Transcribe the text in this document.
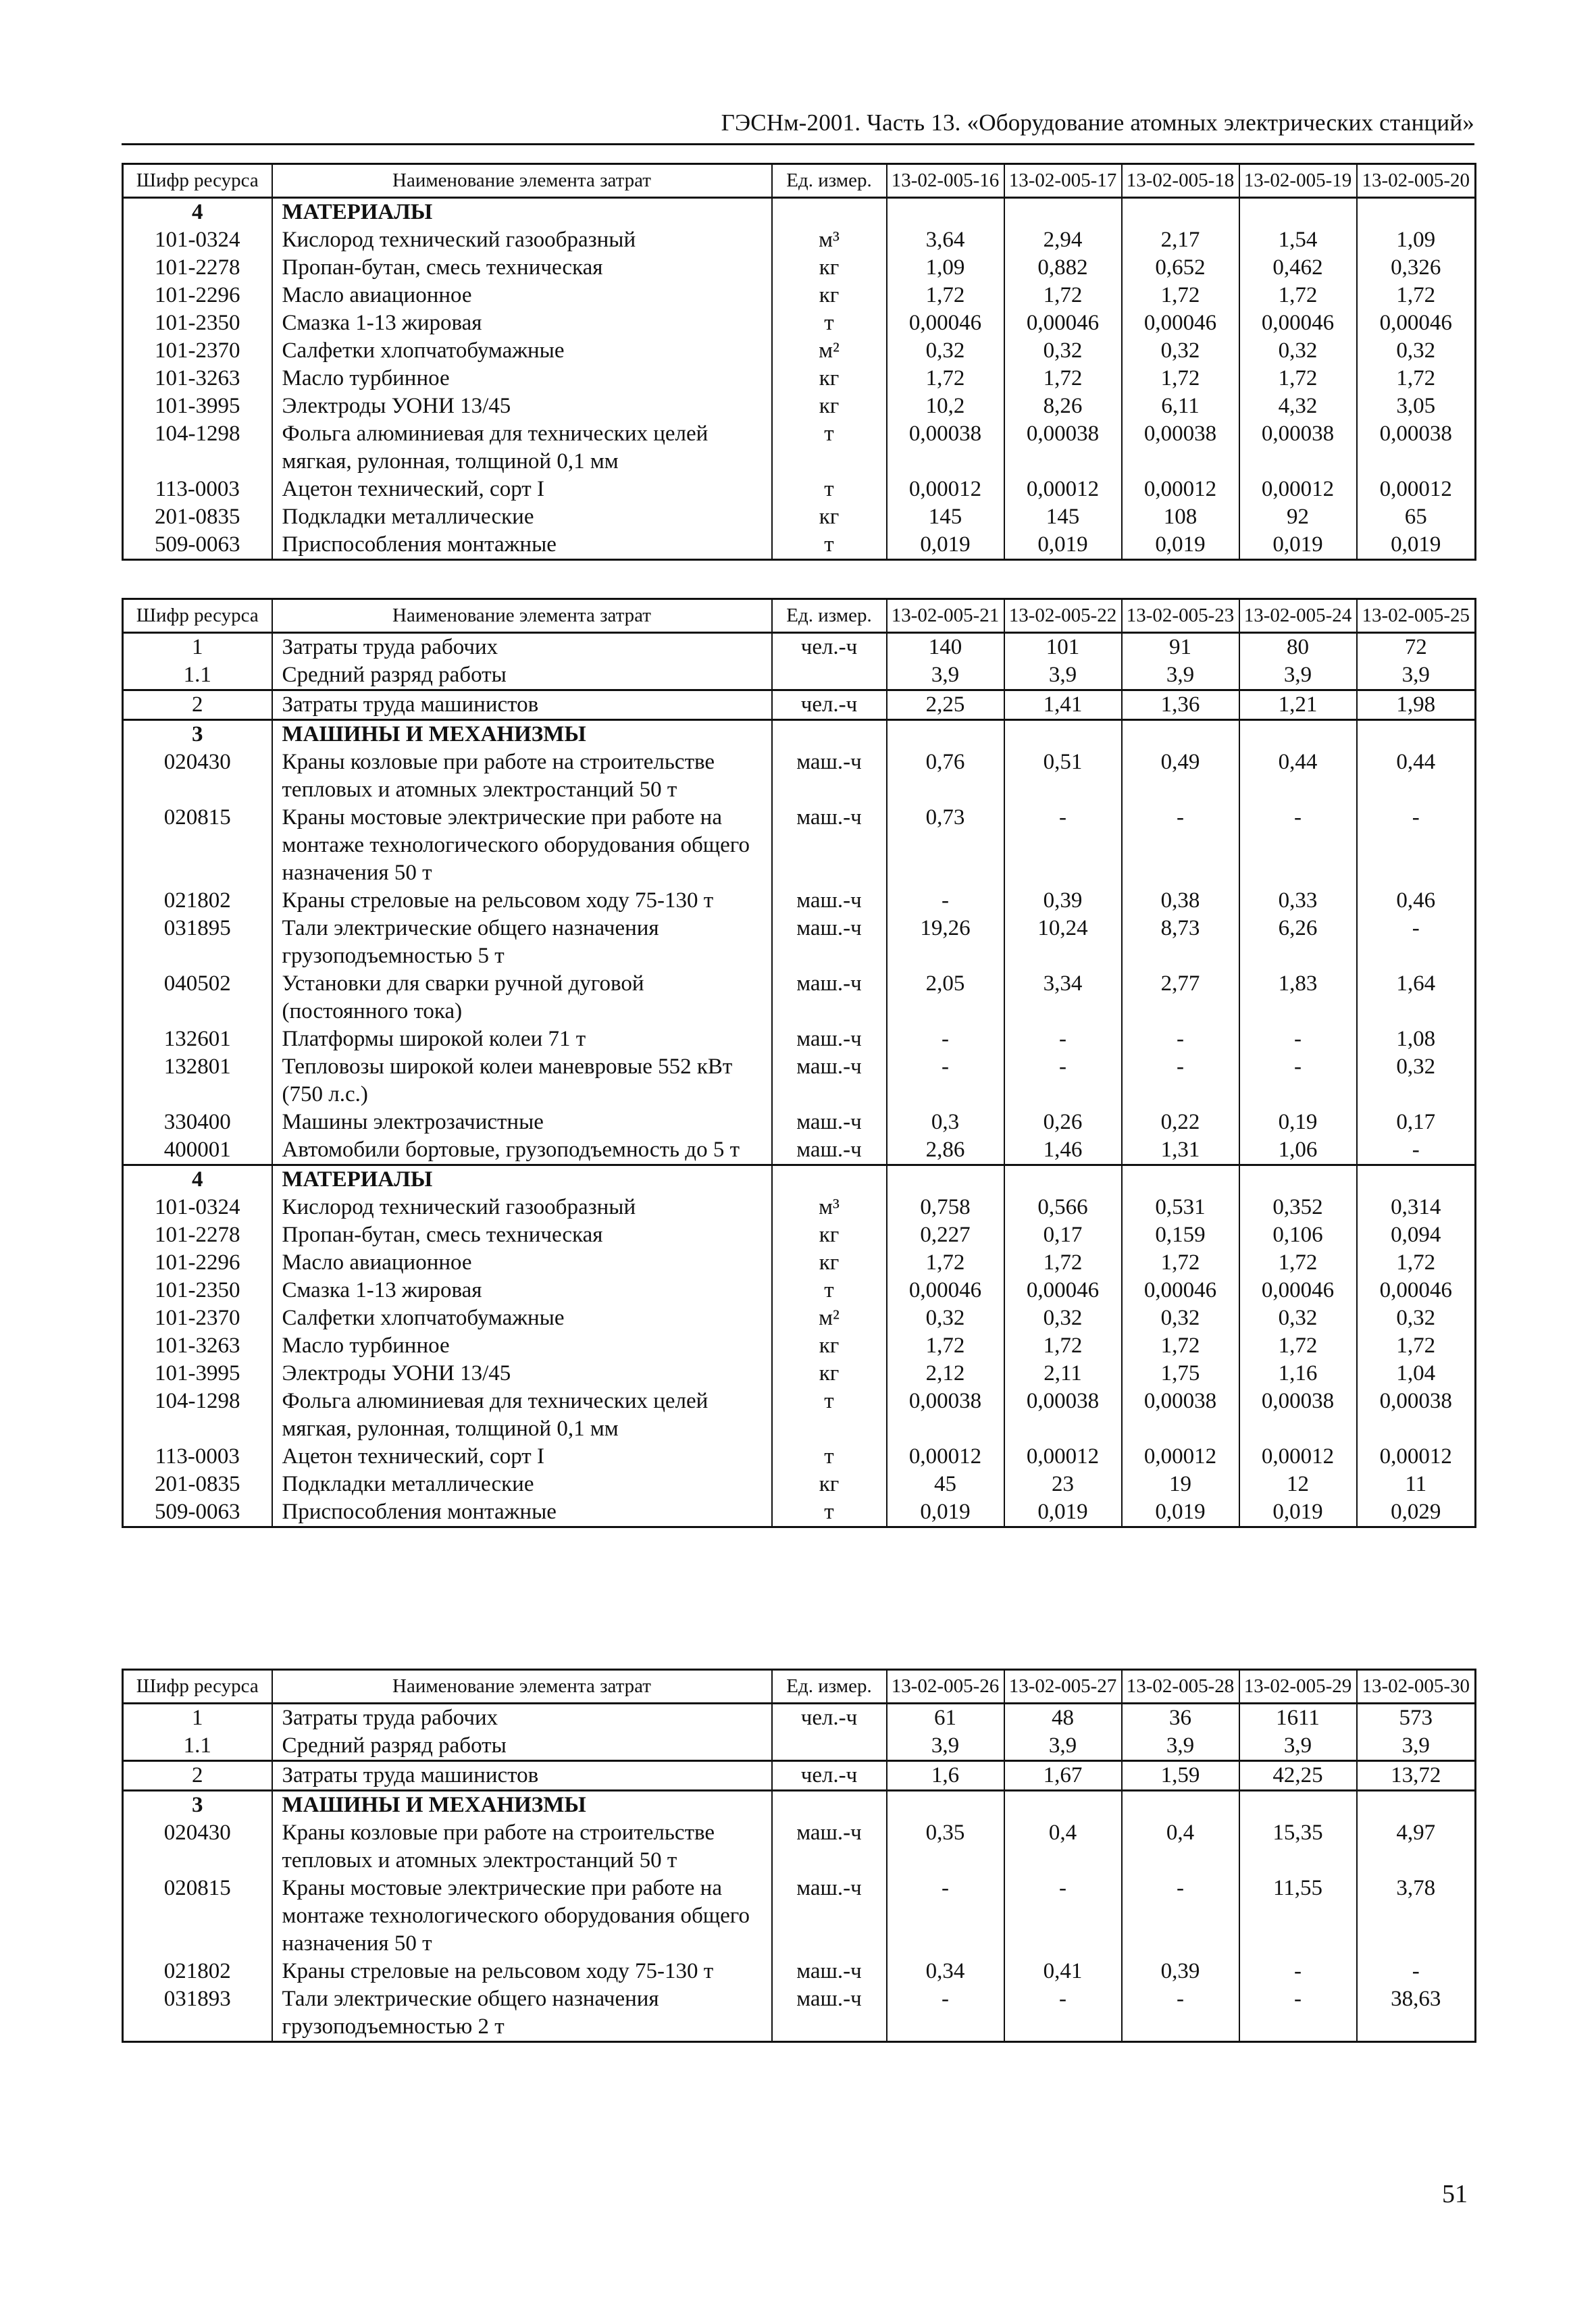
ГЭСНм-2001. Часть 13. «Оборудование атомных электрических станций»
Шифр ресурса	Наименование элемента затрат	Ед. измер.	13-02-005-16	13-02-005-17	13-02-005-18	13-02-005-19	13-02-005-20
4	МАТЕРИАЛЫ						
101-0324	Кислород технический газообразный	м³	3,64	2,94	2,17	1,54	1,09
101-2278	Пропан-бутан, смесь техническая	кг	1,09	0,882	0,652	0,462	0,326
101-2296	Масло авиационное	кг	1,72	1,72	1,72	1,72	1,72
101-2350	Смазка 1-13 жировая	т	0,00046	0,00046	0,00046	0,00046	0,00046
101-2370	Салфетки хлопчатобумажные	м²	0,32	0,32	0,32	0,32	0,32
101-3263	Масло турбинное	кг	1,72	1,72	1,72	1,72	1,72
101-3995	Электроды УОНИ 13/45	кг	10,2	8,26	6,11	4,32	3,05
104-1298	Фольга алюминиевая для технических целей мягкая, рулонная, толщиной 0,1 мм	т	0,00038	0,00038	0,00038	0,00038	0,00038
113-0003	Ацетон технический, сорт I	т	0,00012	0,00012	0,00012	0,00012	0,00012
201-0835	Подкладки металлические	кг	145	145	108	92	65
509-0063	Приспособления монтажные	т	0,019	0,019	0,019	0,019	0,019
Шифр ресурса	Наименование элемента затрат	Ед. измер.	13-02-005-21	13-02-005-22	13-02-005-23	13-02-005-24	13-02-005-25
1	Затраты труда рабочих	чел.-ч	140	101	91	80	72
1.1	Средний разряд работы		3,9	3,9	3,9	3,9	3,9
2	Затраты труда машинистов	чел.-ч	2,25	1,41	1,36	1,21	1,98
3	МАШИНЫ И МЕХАНИЗМЫ						
020430	Краны козловые при работе на строительстве тепловых и атомных электростанций 50 т	маш.-ч	0,76	0,51	0,49	0,44	0,44
020815	Краны мостовые электрические при работе на монтаже технологического оборудования общего назначения 50 т	маш.-ч	0,73	-	-	-	-
021802	Краны стреловые на рельсовом ходу 75-130 т	маш.-ч	-	0,39	0,38	0,33	0,46
031895	Тали электрические общего назначения грузоподъемностью 5 т	маш.-ч	19,26	10,24	8,73	6,26	-
040502	Установки для сварки ручной дуговой (постоянного тока)	маш.-ч	2,05	3,34	2,77	1,83	1,64
132601	Платформы широкой колеи 71 т	маш.-ч	-	-	-	-	1,08
132801	Тепловозы широкой колеи маневровые 552 кВт (750 л.с.)	маш.-ч	-	-	-	-	0,32
330400	Машины электрозачистные	маш.-ч	0,3	0,26	0,22	0,19	0,17
400001	Автомобили бортовые, грузоподъемность до 5 т	маш.-ч	2,86	1,46	1,31	1,06	-
4	МАТЕРИАЛЫ						
101-0324	Кислород технический газообразный	м³	0,758	0,566	0,531	0,352	0,314
101-2278	Пропан-бутан, смесь техническая	кг	0,227	0,17	0,159	0,106	0,094
101-2296	Масло авиационное	кг	1,72	1,72	1,72	1,72	1,72
101-2350	Смазка 1-13 жировая	т	0,00046	0,00046	0,00046	0,00046	0,00046
101-2370	Салфетки хлопчатобумажные	м²	0,32	0,32	0,32	0,32	0,32
101-3263	Масло турбинное	кг	1,72	1,72	1,72	1,72	1,72
101-3995	Электроды УОНИ 13/45	кг	2,12	2,11	1,75	1,16	1,04
104-1298	Фольга алюминиевая для технических целей мягкая, рулонная, толщиной 0,1 мм	т	0,00038	0,00038	0,00038	0,00038	0,00038
113-0003	Ацетон технический, сорт I	т	0,00012	0,00012	0,00012	0,00012	0,00012
201-0835	Подкладки металлические	кг	45	23	19	12	11
509-0063	Приспособления монтажные	т	0,019	0,019	0,019	0,019	0,029
Шифр ресурса	Наименование элемента затрат	Ед. измер.	13-02-005-26	13-02-005-27	13-02-005-28	13-02-005-29	13-02-005-30
1	Затраты труда рабочих	чел.-ч	61	48	36	1611	573
1.1	Средний разряд работы		3,9	3,9	3,9	3,9	3,9
2	Затраты труда машинистов	чел.-ч	1,6	1,67	1,59	42,25	13,72
3	МАШИНЫ И МЕХАНИЗМЫ						
020430	Краны козловые при работе на строительстве тепловых и атомных электростанций 50 т	маш.-ч	0,35	0,4	0,4	15,35	4,97
020815	Краны мостовые электрические при работе на монтаже технологического оборудования общего назначения 50 т	маш.-ч	-	-	-	11,55	3,78
021802	Краны стреловые на рельсовом ходу 75-130 т	маш.-ч	0,34	0,41	0,39	-	-
031893	Тали электрические общего назначения грузоподъемностью 2 т	маш.-ч	-	-	-	-	38,63
51
